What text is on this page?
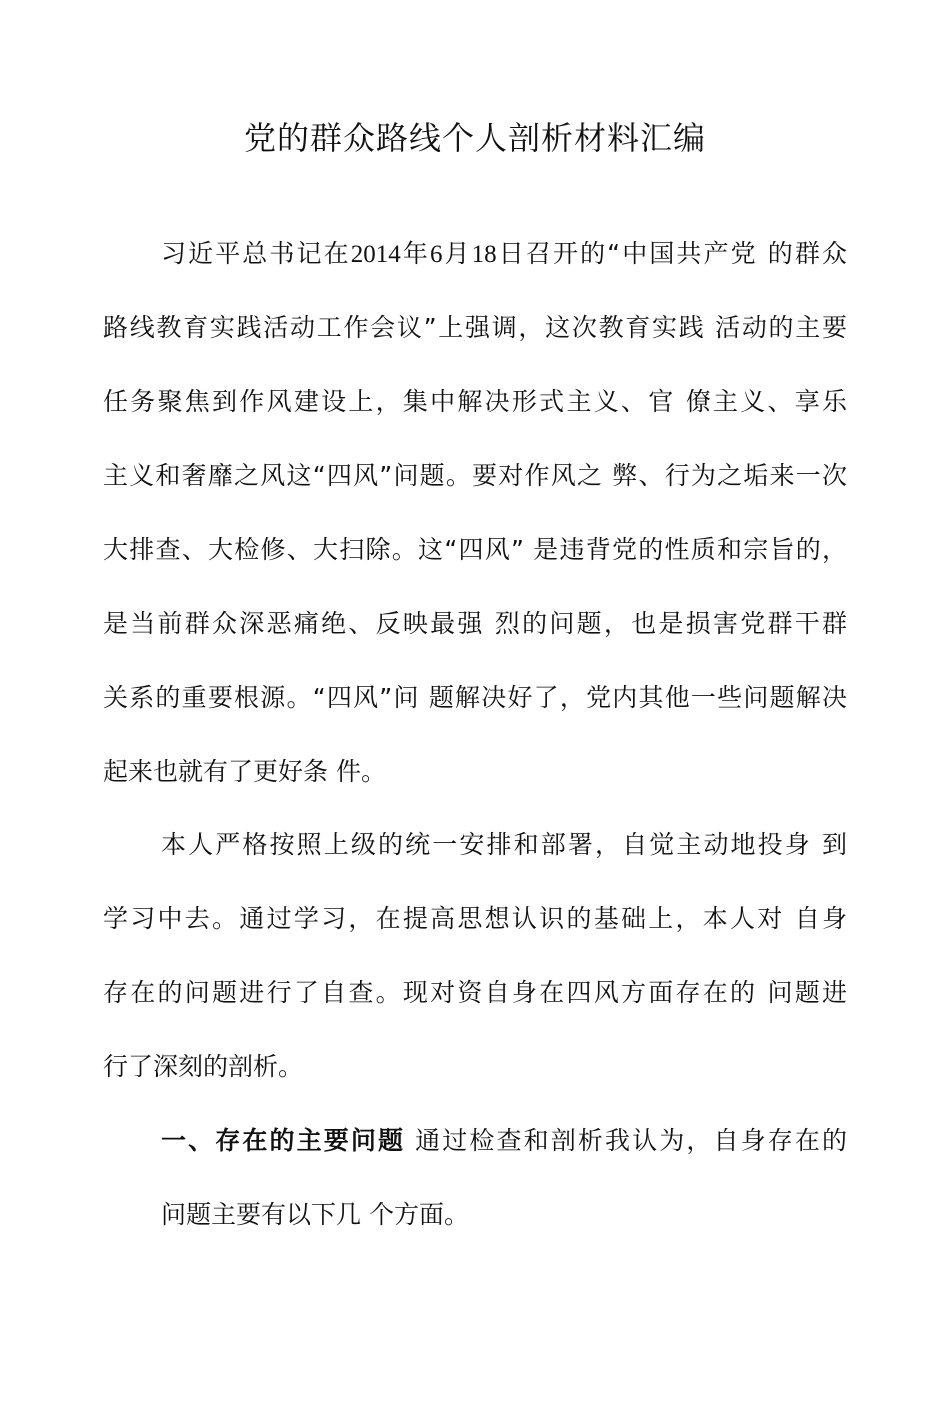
党的群众路线个人剖析材料汇编
习近平总书记在2014年6月18日召开的“中国共产党 的群众
路线教育实践活动工作会议”上强调，这次教育实践 活动的主要
任务聚焦到作风建设上，集中解决形式主义、官 僚主义、享乐
主义和奢靡之风这“四风”问题。要对作风之 弊、行为之垢来一次
大排查、大检修、大扫除。这“四风” 是违背党的性质和宗旨的，
是当前群众深恶痛绝、反映最强 烈的问题，也是损害党群干群
关系的重要根源。“四风”问 题解决好了，党内其他一些问题解决
起来也就有了更好条 件。
本人严格按照上级的统一安排和部署，自觉主动地投身 到
学习中去。通过学习，在提高思想认识的基础上，本人对 自身
存在的问题进行了自查。现对资自身在四风方面存在的 问题进
行了深刻的剖析。
一、存在的主要问题 通过检查和剖析我认为，自身存在的
问题主要有以下几 个方面。
